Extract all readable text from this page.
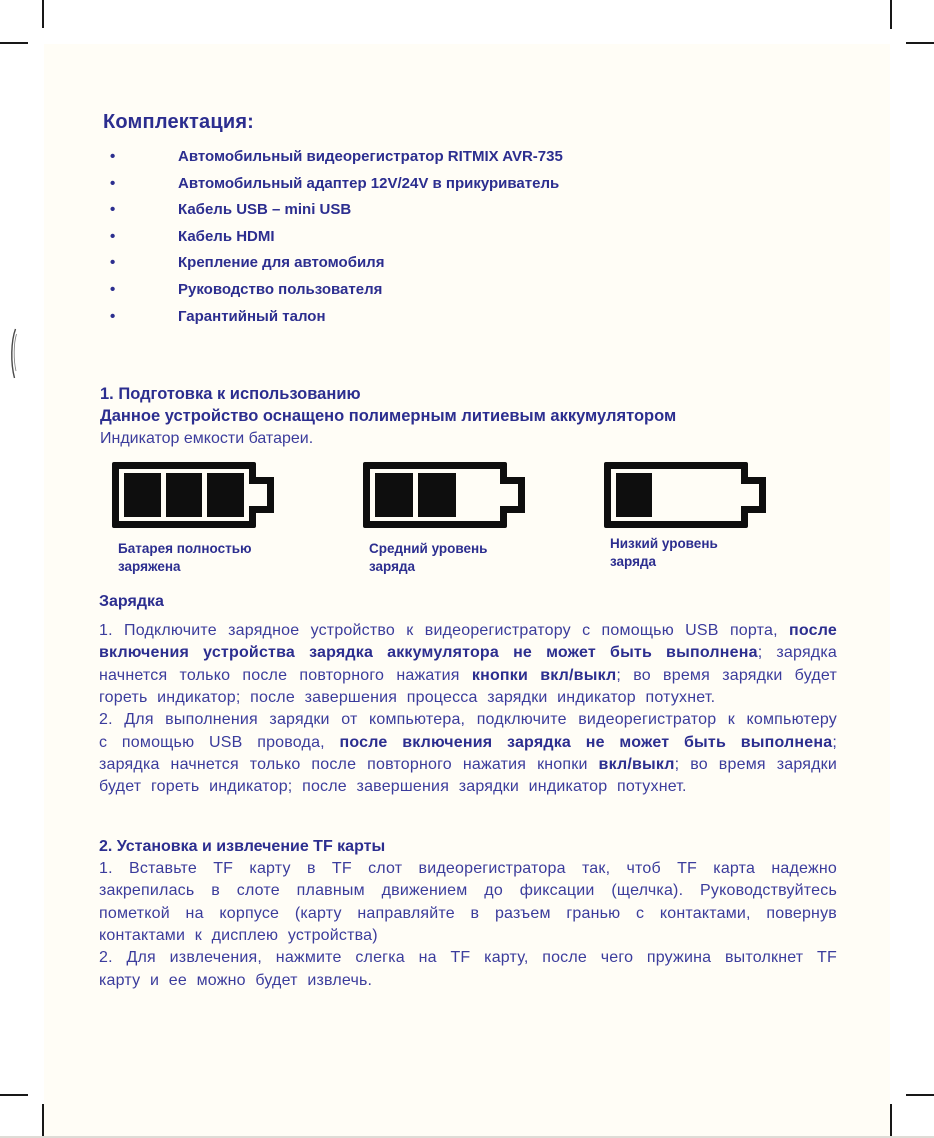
Комплектация:
•	Автомобильный видеорегистратор RITMIX AVR-735
•	Автомобильный адаптер 12V/24V в прикуриватель
•	Кабель USB – mini USB
•	Кабель HDMI
•	Крепление для автомобиля
•	Руководство пользователя
•	Гарантийный талон
1. Подготовка к использованию

Данное устройство оснащено полимерным литиевым аккумулятором

Индикатор емкости батареи.

Батарея полностью
заряжена
Средний уровень
заряда
Низкий уровень
заряда
Зарядка

1. Подключите зарядное устройство к видеорегистратору с помощью USB порта, после включения устройства зарядка аккумулятора не может быть выполнена; зарядка начнется только после повторного нажатия кнопки вкл/выкл; во время зарядки будет гореть индикатор; после завершения процесса зарядки индикатор потухнет.

2. Для выполнения зарядки от компьютера, подключите видеорегистратор к компьютеру с помощью USB провода, после включения зарядка не может быть выполнена; зарядка начнется только после повторного нажатия кнопки вкл/выкл; во время зарядки будет гореть индикатор; после завершения зарядки индикатор потухнет.

2. Установка и извлечение TF карты

1. Вставьте TF карту в TF слот видеорегистратора так, чтоб TF карта надежно закрепилась в слоте плавным движением до фиксации (щелчка). Руководствуйтесь пометкой на корпусе (карту направляйте в разъем гранью с контактами, повернув контактами к дисплею устройства)

2. Для извлечения, нажмите слегка на TF карту, после чего пружина вытолкнет TF карту и ее можно будет извлечь.
